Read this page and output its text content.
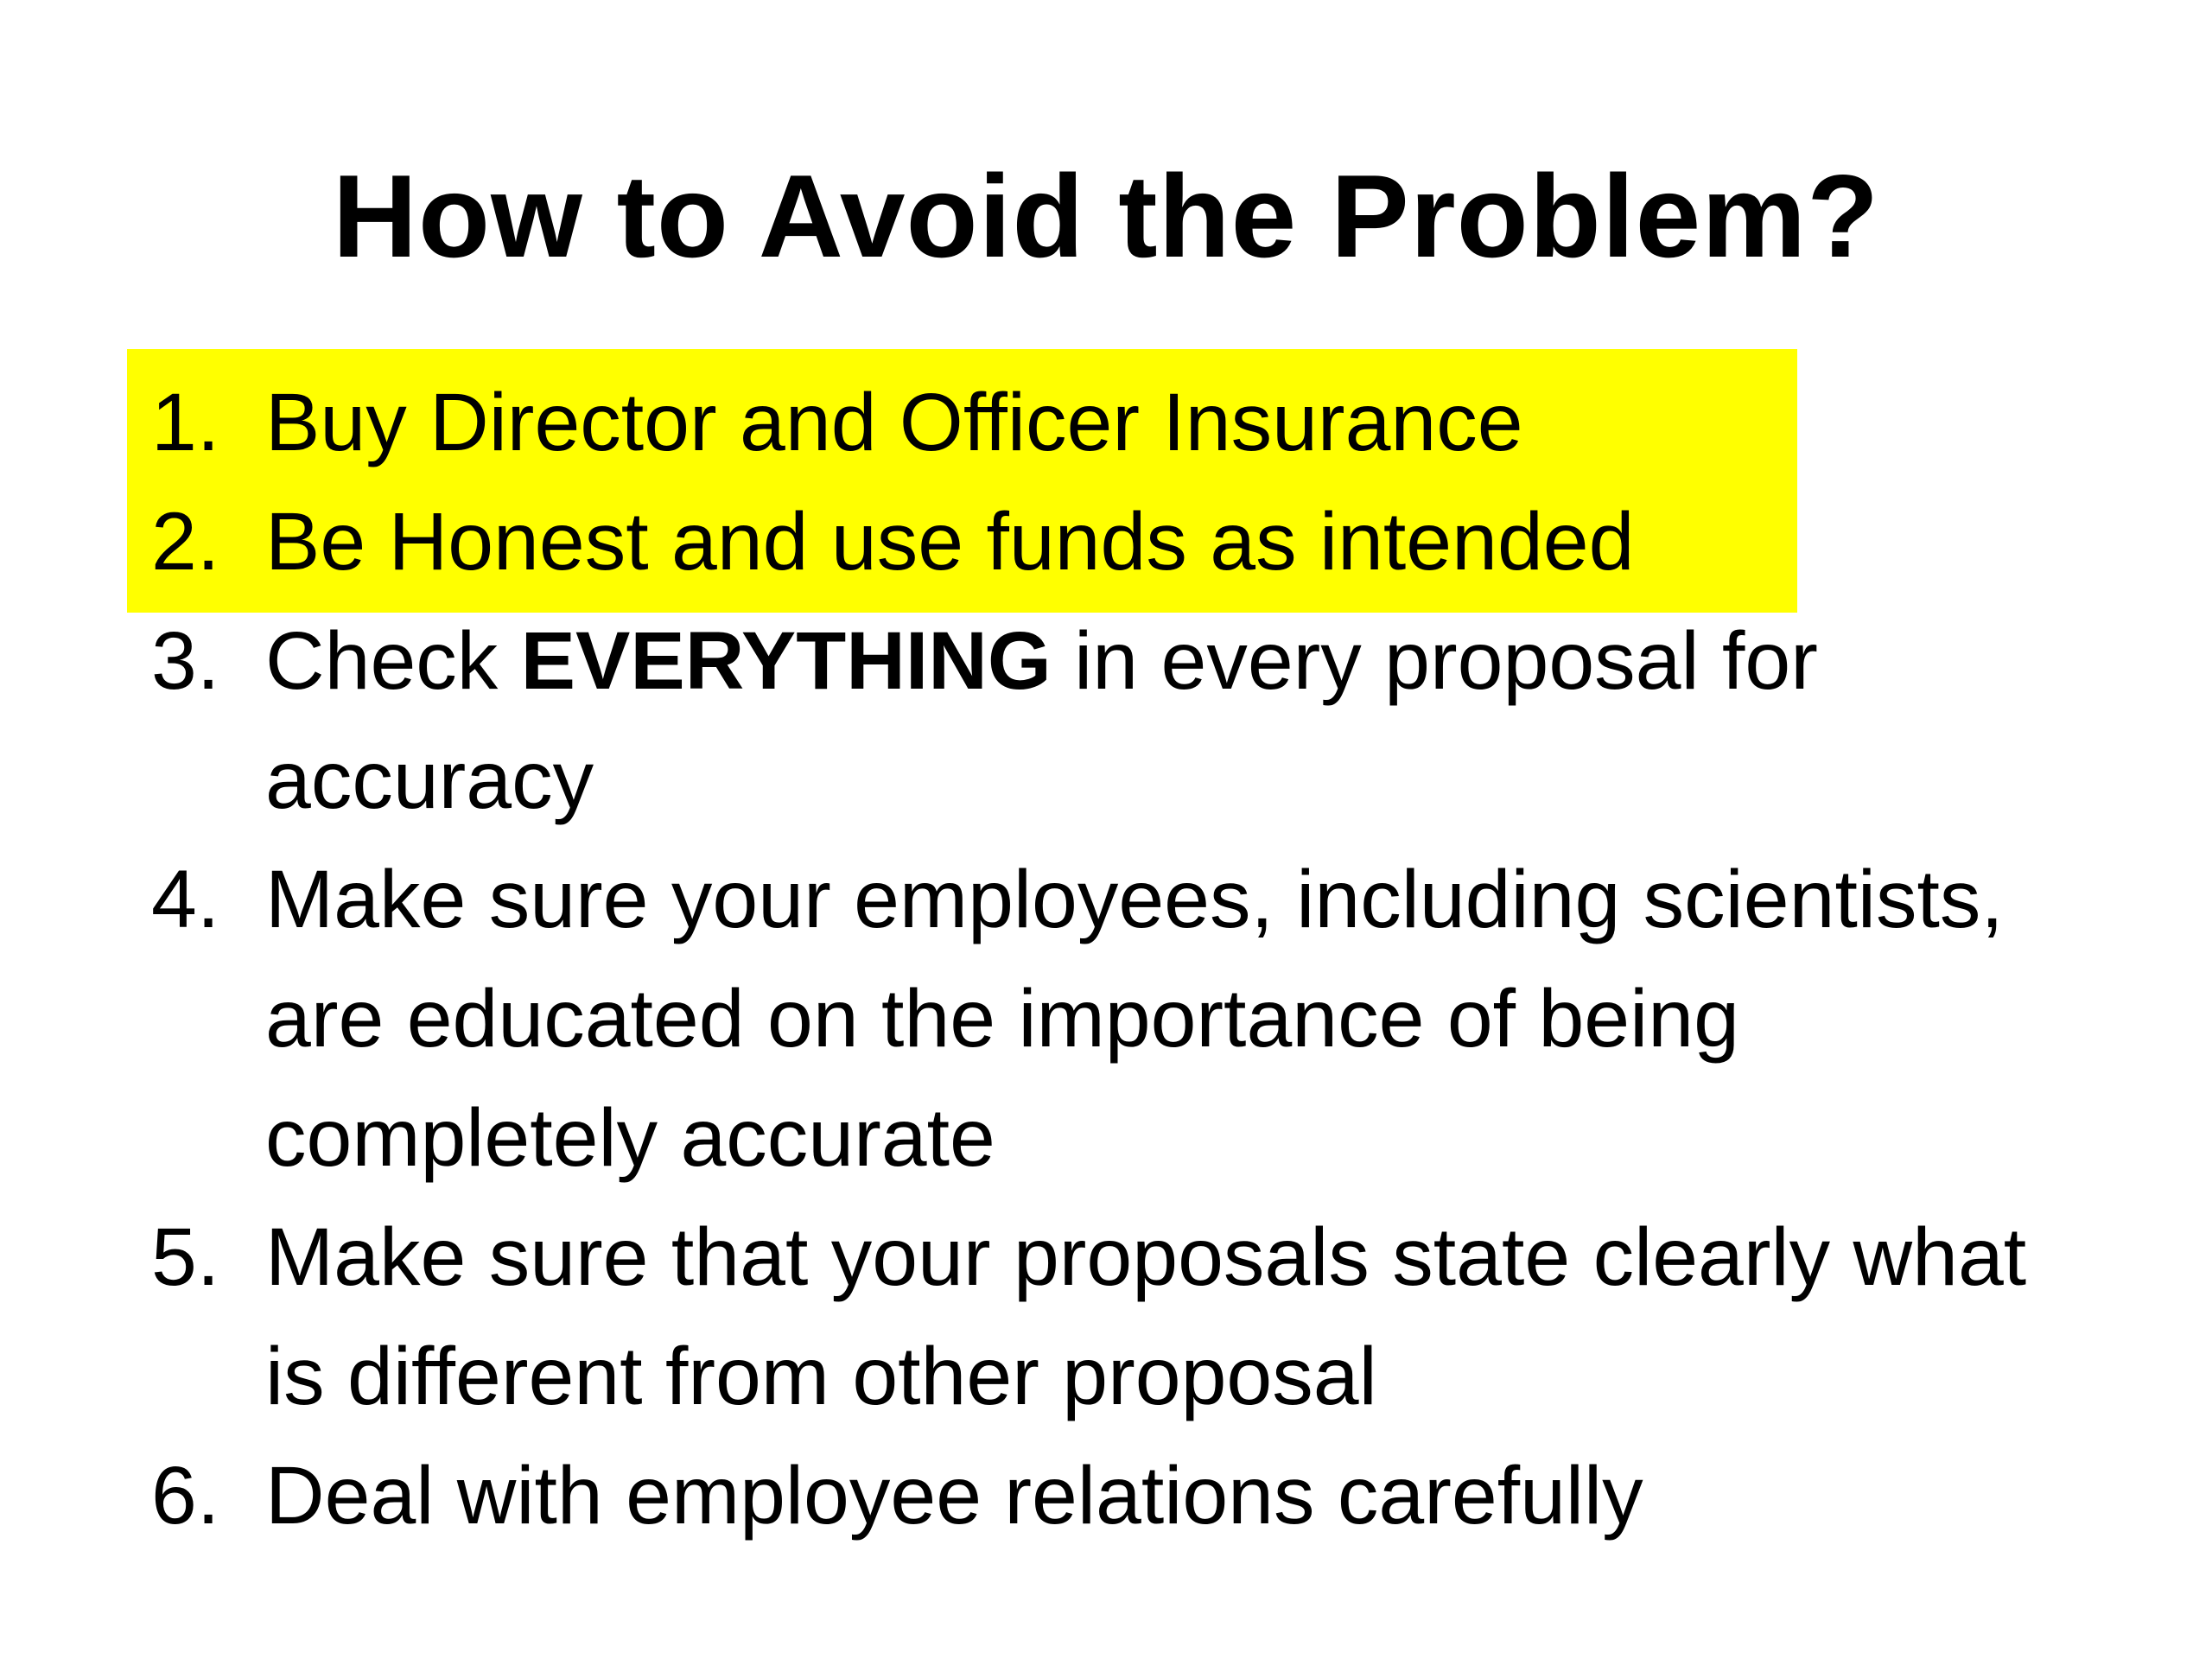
How to Avoid the Problem?
1. Buy Director and Officer Insurance
2. Be Honest and use funds as intended
3. Check EVERYTHING in every proposal for accuracy
4. Make sure your employees, including scientists, are educated on the importance of being completely accurate
5. Make sure that your proposals state clearly what is different from other proposal
6. Deal with employee relations carefully
